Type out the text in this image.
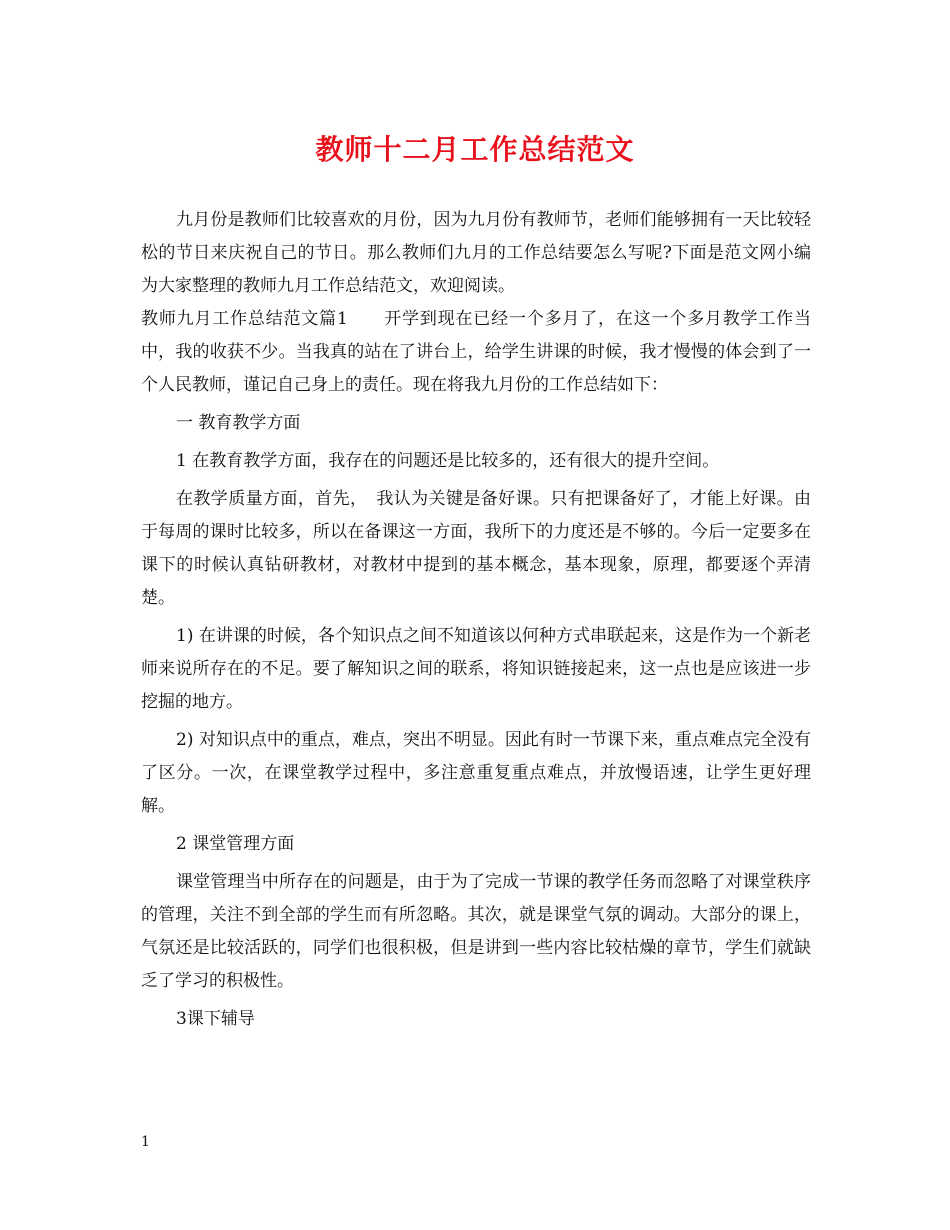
教师十二月工作总结范文

九月份是教师们比较喜欢的月份，因为九月份有教师节，老师们能够拥有一天比较轻松的节日来庆祝自己的节日。那么教师们九月的工作总结要怎么写呢?下面是范文网小编为大家整理的教师九月工作总结范文，欢迎阅读。

教师九月工作总结范文篇1　　开学到现在已经一个多月了，在这一个多月教学工作当中，我的收获不少。当我真的站在了讲台上，给学生讲课的时候，我才慢慢的体会到了一个人民教师，谨记自己身上的责任。现在将我九月份的工作总结如下：

一 教育教学方面

1 在教育教学方面，我存在的问题还是比较多的，还有很大的提升空间。

在教学质量方面，首先，　我认为关键是备好课。只有把课备好了，才能上好课。由于每周的课时比较多，所以在备课这一方面，我所下的力度还是不够的。今后一定要多在课下的时候认真钻研教材，对教材中提到的基本概念，基本现象，原理，都要逐个弄清楚。

1) 在讲课的时候，各个知识点之间不知道该以何种方式串联起来，这是作为一个新老师来说所存在的不足。要了解知识之间的联系，将知识链接起来，这一点也是应该进一步挖掘的地方。

2) 对知识点中的重点，难点，突出不明显。因此有时一节课下来，重点难点完全没有了区分。一次，在课堂教学过程中，多注意重复重点难点，并放慢语速，让学生更好理解。

2 课堂管理方面

课堂管理当中所存在的问题是，由于为了完成一节课的教学任务而忽略了对课堂秩序的管理，关注不到全部的学生而有所忽略。其次，就是课堂气氛的调动。大部分的课上，气氛还是比较活跃的，同学们也很积极，但是讲到一些内容比较枯燥的章节，学生们就缺乏了学习的积极性。

3课下辅导

1
